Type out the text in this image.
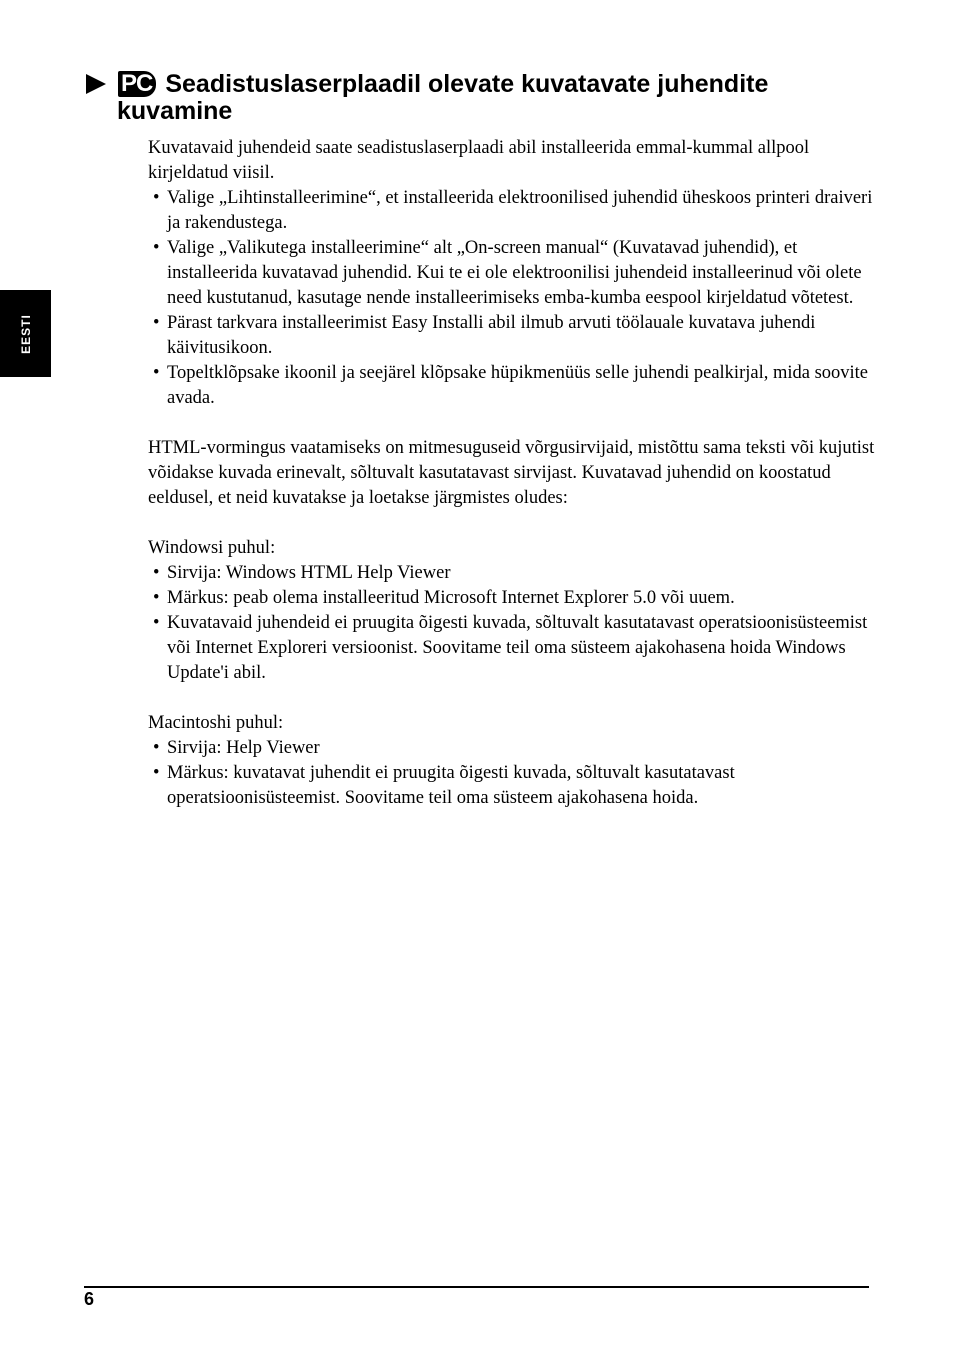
EESTI
PC Seadistuslaserplaadil olevate kuvatavate juhendite
kuvamine

Kuvatavaid juhendeid saate seadistuslaserplaadi abil installeerida emmal-kummal allpool kirjeldatud viisil.

• Valige „Lihtinstalleerimine“, et installeerida elektroonilised juhendid üheskoos printeri draiveri ja rakendustega.
• Valige „Valikutega installeerimine“ alt „On-screen manual“ (Kuvatavad juhendid), et installeerida kuvatavad juhendid. Kui te ei ole elektroonilisi juhendeid installeerinud või olete need kustutanud, kasutage nende installeerimiseks emba-kumba eespool kirjeldatud võtetest.
• Pärast tarkvara installeerimist Easy Installi abil ilmub arvuti töölauale kuvatava juhendi käivitusikoon.
• Topeltklõpsake ikoonil ja seejärel klõpsake hüpikmenüüs selle juhendi pealkirjal, mida soovite avada.

HTML-vormingus vaatamiseks on mitmesuguseid võrgusirvijaid, mistõttu sama teksti või kujutist võidakse kuvada erinevalt, sõltuvalt kasutatavast sirvijast. Kuvatavad juhendid on koostatud eeldusel, et neid kuvatakse ja loetakse järgmistes oludes:

Windowsi puhul:

• Sirvija: Windows HTML Help Viewer
• Märkus: peab olema installeeritud Microsoft Internet Explorer 5.0 või uuem.
• Kuvatavaid juhendeid ei pruugita õigesti kuvada, sõltuvalt kasutatavast operatsioonisüsteemist või Internet Exploreri versioonist. Soovitame teil oma süsteem ajakohasena hoida Windows Update'i abil.

Macintoshi puhul:

• Sirvija: Help Viewer
• Märkus: kuvatavat juhendit ei pruugita õigesti kuvada, sõltuvalt kasutatavast operatsioonisüsteemist. Soovitame teil oma süsteem ajakohasena hoida.
6
